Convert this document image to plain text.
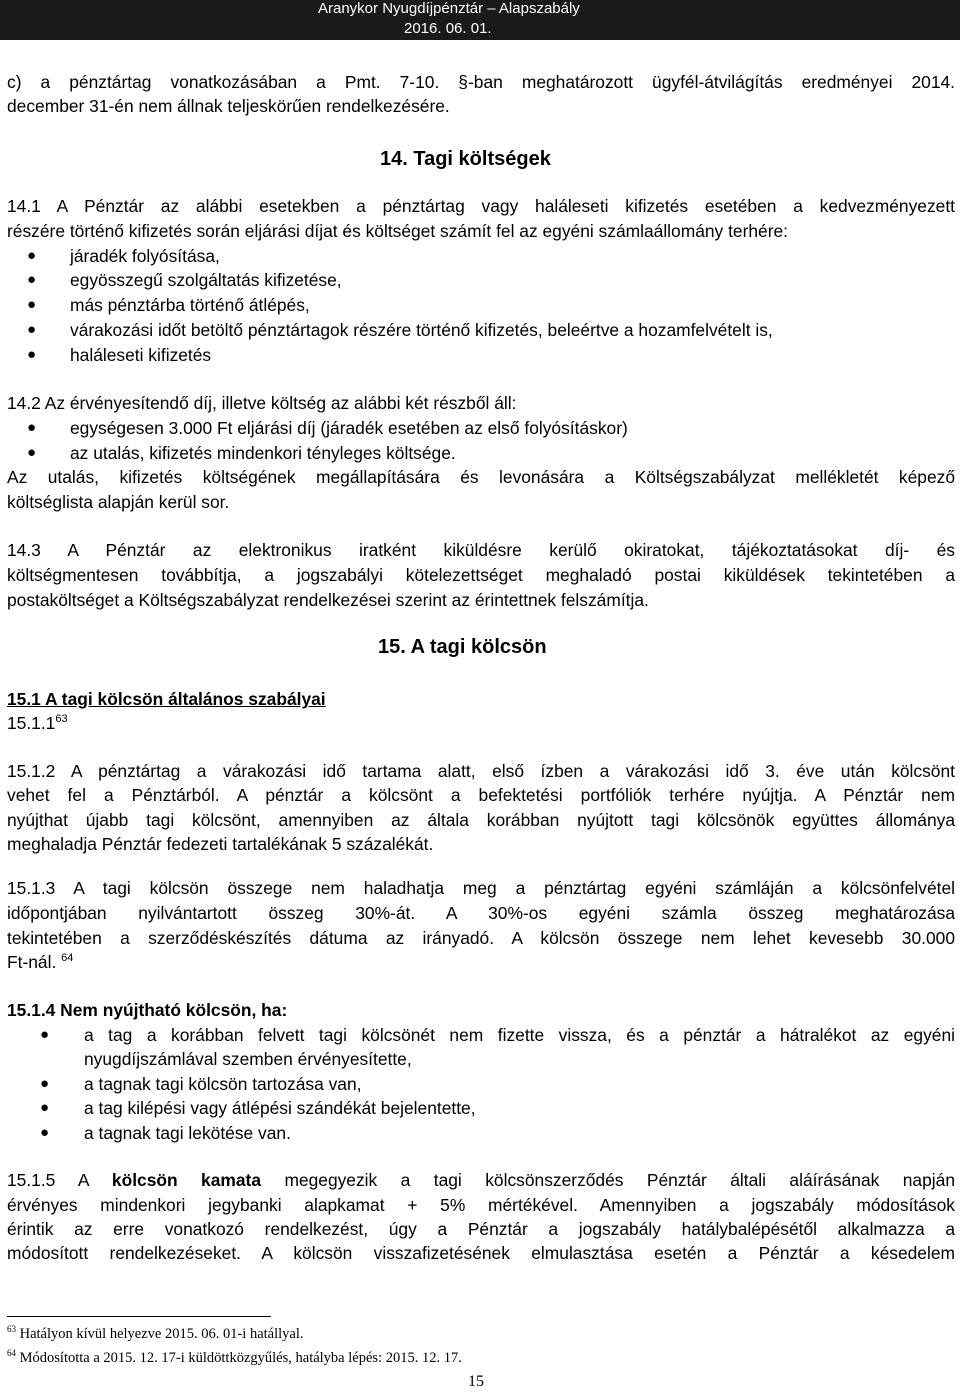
Aranykor Nyugdíjpénztár – Alapszabály
2016. 06. 01.
c) a pénztártag vonatkozásában a Pmt. 7-10. §-ban meghatározott ügyfél-átvilágítás eredményei 2014.
december 31-én nem állnak teljeskörűen rendelkezésére.
14. Tagi költségek
14.1 A Pénztár az alábbi esetekben a pénztártag vagy haláleseti kifizetés esetében a kedvezményezett
részére történő kifizetés során eljárási díjat és költséget számít fel az egyéni számlaállomány terhére:
● járadék folyósítása,
● egyösszegű szolgáltatás kifizetése,
● más pénztárba történő átlépés,
● várakozási időt betöltő pénztártagok részére történő kifizetés, beleértve a hozamfelvételt is,
● haláleseti kifizetés
14.2 Az érvényesítendő díj, illetve költség az alábbi két részből áll:
● egységesen 3.000 Ft eljárási díj (járadék esetében az első folyósításkor)
● az utalás, kifizetés mindenkori tényleges költsége.
Az utalás, kifizetés költségének megállapítására és levonására a Költségszabályzat mellékletét képező
költséglista alapján kerül sor.
14.3 A Pénztár az elektronikus iratként kiküldésre kerülő okiratokat, tájékoztatásokat díj- és
költségmentesen továbbítja, a jogszabályi kötelezettséget meghaladó postai kiküldések tekintetében a
postaköltséget a Költségszabályzat rendelkezései szerint az érintettnek felszámítja.
15. A tagi kölcsön
15.1 A tagi kölcsön általános szabályai
15.1.1$^{63}$
15.1.2 A pénztártag a várakozási idő tartama alatt, első ízben a várakozási idő 3. éve után kölcsönt
vehet fel a Pénztárból. A pénztár a kölcsönt a befektetési portfóliók terhére nyújtja. A Pénztár nem
nyújthat újabb tagi kölcsönt, amennyiben az általa korábban nyújtott tagi kölcsönök együttes állománya
meghaladja Pénztár fedezeti tartalékának 5 százalékát.
15.1.3 A tagi kölcsön összege nem haladhatja meg a pénztártag egyéni számláján a kölcsönfelvétel
időpontjában nyilvántartott összeg 30%-át. A 30%-os egyéni számla összeg meghatározása
tekintetében a szerződéskészítés dátuma az irányadó. A kölcsön összege nem lehet kevesebb 30.000
Ft-nál. $^{64}$
15.1.4 Nem nyújtható kölcsön, ha:
● a tag a korábban felvett tagi kölcsönét nem fizette vissza, és a pénztár a hátralékot az egyéni
nyugdíjszámlával szemben érvényesítette,
● a tagnak tagi kölcsön tartozása van,
● a tag kilépési vagy átlépési szándékát bejelentette,
● a tagnak tagi lekötése van.
15.1.5 A kölcsön kamata megegyezik a tagi kölcsönszerződés Pénztár általi aláírásának napján
érvényes mindenkori jegybanki alapkamat + 5% mértékével. Amennyiben a jogszabály módosítások
érintik az erre vonatkozó rendelkezést, úgy a Pénztár a jogszabály hatálybalépésétől alkalmazza a
módosított rendelkezéseket. A kölcsön visszafizetésének elmulasztása esetén a Pénztár a késedelem
$^{63}$ Hatályon kívül helyezve 2015. 06. 01-i hatállyal.
$^{64}$ Módosította a 2015. 12. 17-i küldöttközgyűlés, hatályba lépés: 2015. 12. 17.
15
